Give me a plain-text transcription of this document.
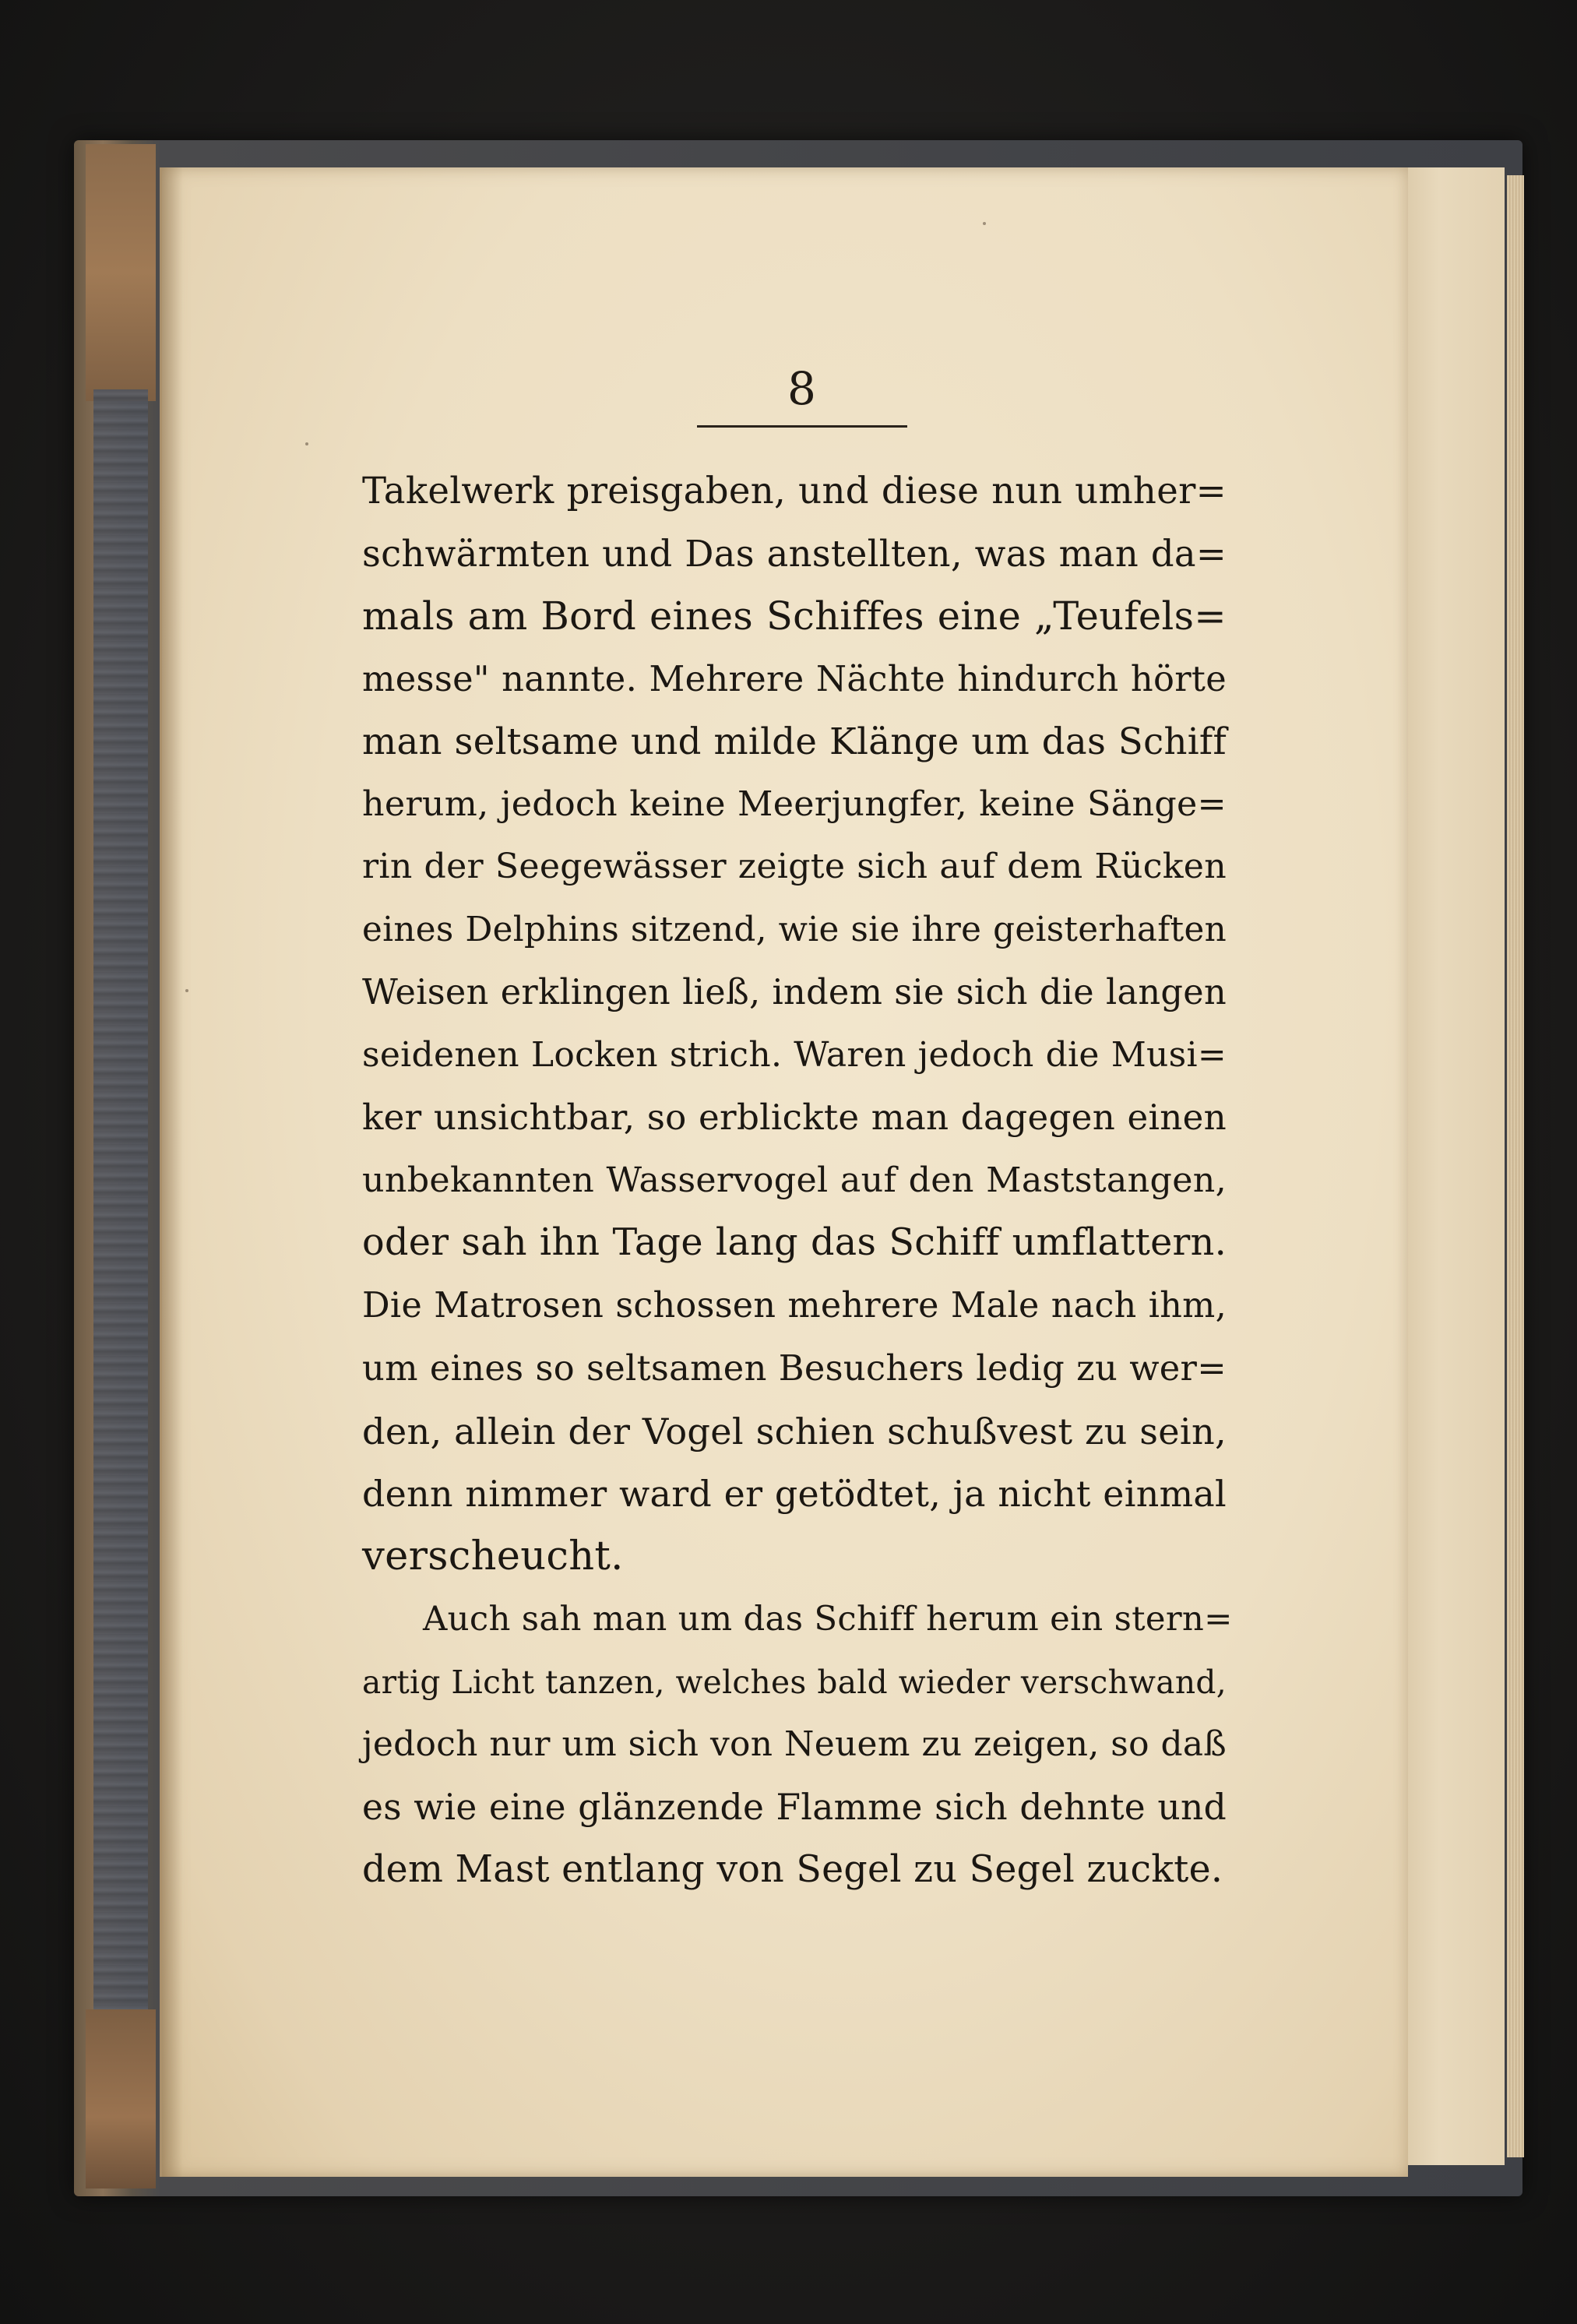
8
Takelwerk preisgaben, und diese nun umher=
schwärmten und Das anstellten, was man da=
mals am Bord eines Schiffes eine „Teufels=
messe" nannte. Mehrere Nächte hindurch hörte
man seltsame und milde Klänge um das Schiff
herum, jedoch keine Meerjungfer, keine Sänge=
rin der Seegewässer zeigte sich auf dem Rücken
eines Delphins sitzend, wie sie ihre geisterhaften
Weisen erklingen ließ, indem sie sich die langen
seidenen Locken strich. Waren jedoch die Musi=
ker unsichtbar, so erblickte man dagegen einen
unbekannten Wasservogel auf den Maststangen,
oder sah ihn Tage lang das Schiff umflattern.
Die Matrosen schossen mehrere Male nach ihm,
um eines so seltsamen Besuchers ledig zu wer=
den, allein der Vogel schien schußvest zu sein,
denn nimmer ward er getödtet, ja nicht einmal
verscheucht.
Auch sah man um das Schiff herum ein stern=
artig Licht tanzen, welches bald wieder verschwand,
jedoch nur um sich von Neuem zu zeigen, so daß
es wie eine glänzende Flamme sich dehnte und
dem Mast entlang von Segel zu Segel zuckte.
